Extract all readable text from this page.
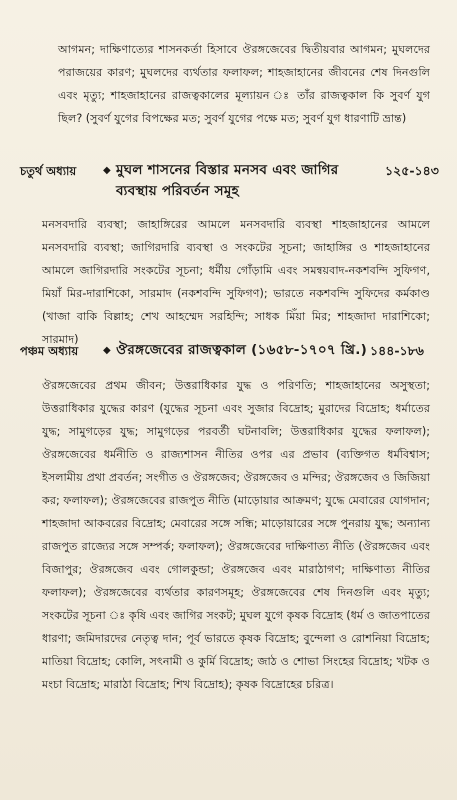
আগমন; দাক্ষিণাত্যের শাসনকর্তা হিসাবে ঔরঙ্গজেবের দ্বিতীয়বার আগমন; মুঘলদের পরাজয়ের কারণ; মুঘলদের ব্যর্থতার ফলাফল; শাহজাহানের জীবনের শেষ দিনগুলি এবং মৃত্যু; শাহজাহানের রাজত্বকালের মূল্যায়ন ঃ তাঁর রাজত্বকাল কি সুবর্ণ যুগ ছিল? (সুবর্ণ যুগের বিপক্ষের মত; সুবর্ণ যুগের পক্ষে মত; সুবর্ণ যুগ ধারণাটি ভ্রান্ত)
চতুর্থ অধ্যায়	◆ মুঘল শাসনের বিস্তার মনসব এবং জাগির ব্যবস্থায় পরিবর্তন সমূহ
১২৫-১৪৩
মনসবদারি ব্যবস্থা; জাহাঙ্গিরের আমলে মনসবদারি ব্যবস্থা শাহজাহানের আমলে মনসবদারি ব্যবস্থা; জাগিরদারি ব্যবস্থা ও সংকটের সূচনা; জাহাঙ্গির ও শাহজাহানের আমলে জাগিরদারি সংকটের সূচনা; ধর্মীয় গোঁড়ামি এবং সমন্বয়বাদ-নকশবন্দি সুফিগণ, মিয়াঁ মির-দারাশিকো, সারমাদ (নকশবন্দি সুফিগণ); ভারতে নকশবন্দি সুফিদের কর্মকাণ্ড (খাজা বাকি বিল্লাহ; শেখ আহম্মেদ সরহিন্দি; সাধক মিঁয়া মির; শাহজাদা দারাশিকো; সারমাদ)
পঞ্চম অধ্যায়	◆ ঔরঙ্গজেবের রাজত্বকাল (১৬৫৮-১৭০৭ খ্রি.) ১৪৪-১৮৬
ঔরঙ্গজেবের প্রথম জীবন; উত্তরাধিকার যুদ্ধ ও পরিণতি; শাহজাহানের অসুস্থতা; উত্তরাধিকার যুদ্ধের কারণ (যুদ্ধের সূচনা এবং সুজার বিদ্রোহ; মুরাদের বিদ্রোহ; ধর্মাতের যুদ্ধ; সামুগড়ের যুদ্ধ; সামুগড়ের পরবর্তী ঘটনাবলি; উত্তরাধিকার যুদ্ধের ফলাফল); ঔরঙ্গজেবের ধর্মনীতি ও রাজ্যশাসন নীতির ওপর এর প্রভাব (ব্যক্তিগত ধর্মবিশ্বাস; ইসলামীয় প্রথা প্রবর্তন; সংগীত ও ঔরঙ্গজেব; ঔরঙ্গজেব ও মন্দির; ঔরঙ্গজেব ও জিজিয়া কর; ফলাফল); ঔরঙ্গজেবের রাজপুত নীতি (মাড়োয়ার আক্রমণ; যুদ্ধে মেবারের যোগদান; শাহজাদা আকবরের বিদ্রোহ; মেবারের সঙ্গে সন্ধি; মাড়োয়ারের সঙ্গে পুনরায় যুদ্ধ; অন্যান্য রাজপুত রাজ্যের সঙ্গে সম্পর্ক; ফলাফল); ঔরঙ্গজেবের দাক্ষিণাত্য নীতি (ঔরঙ্গজেব এবং বিজাপুর; ঔরঙ্গজেব এবং গোলকুন্ডা; ঔরঙ্গজেব এবং মারাঠাগণ; দাক্ষিণাত্য নীতির ফলাফল); ঔরঙ্গজেবের ব্যর্থতার কারণসমূহ; ঔরঙ্গজেবের শেষ দিনগুলি এবং মৃত্যু; সংকটের সূচনা ঃ কৃষি এবং জাগির সংকট; মুঘল যুগে কৃষক বিদ্রোহ (ধর্ম ও জাতপাতের ধারণা; জমিদারদের নেতৃত্ব দান; পূর্ব ভারতে কৃষক বিদ্রোহ; বুন্দেলা ও রোশনিয়া বিদ্রোহ; মাতিয়া বিদ্রোহ; কোলি, সৎনামী ও কুর্মি বিদ্রোহ; জাঠ ও শোভা সিংহের বিদ্রোহ; খটক ও মংচা বিদ্রোহ; মারাঠা বিদ্রোহ; শিখ বিদ্রোহ); কৃষক বিদ্রোহের চরিত্র।
